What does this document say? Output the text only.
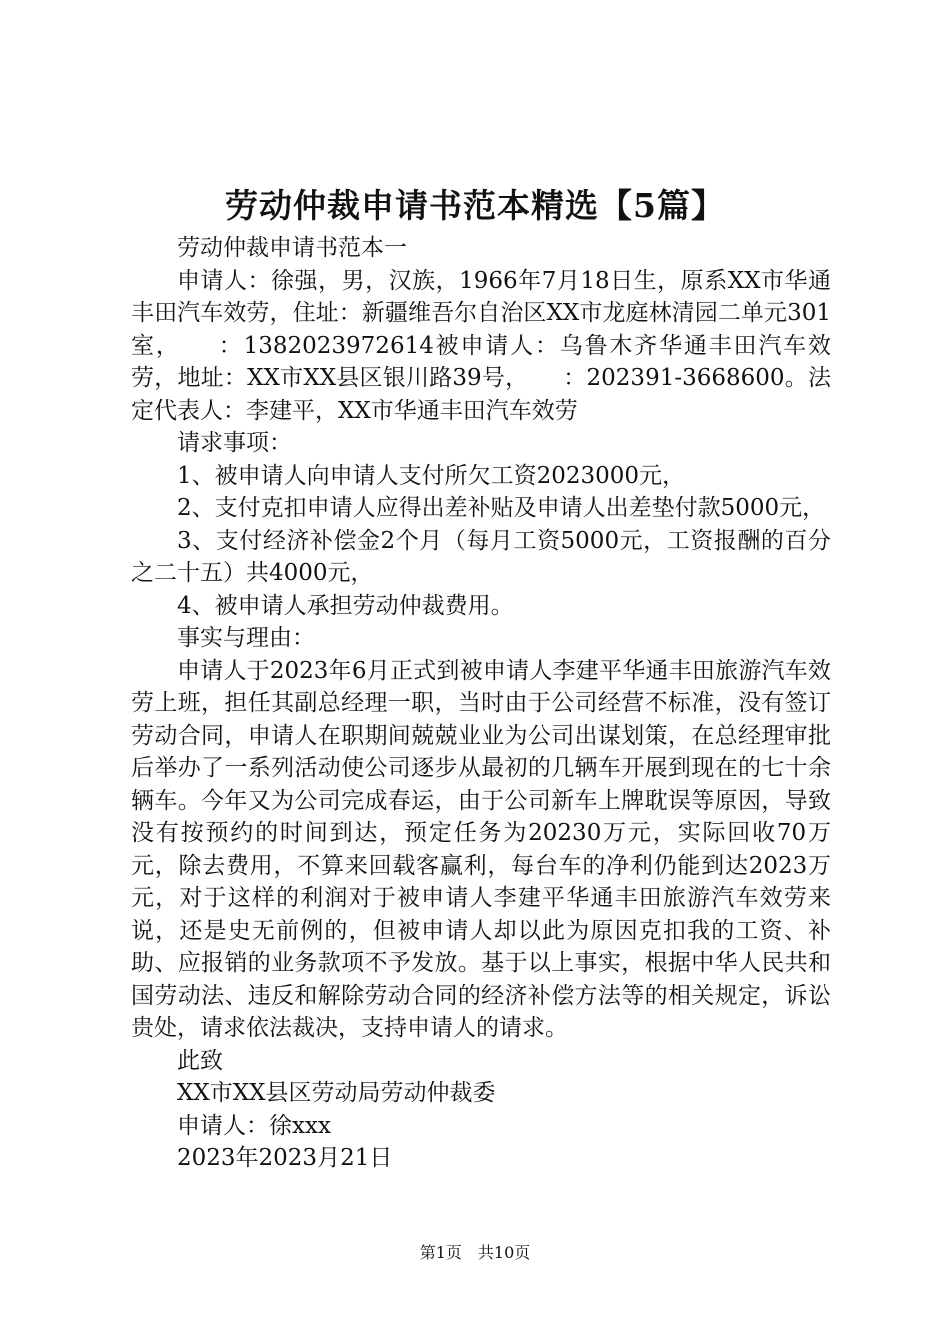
劳动仲裁申请书范本精选【5篇】

劳动仲裁申请书范本一

申请人：徐强，男，汉族，1966年7月18日生，原系XX市华通丰田汽车效劳，住址：新疆维吾尔自治区XX市龙庭林清园二单元301室，　　：1382023972614被申请人：乌鲁木齐华通丰田汽车效劳，地址：XX市XX县区银川路39号，　　：202391-3668600。法定代表人：李建平，XX市华通丰田汽车效劳

请求事项：

1、被申请人向申请人支付所欠工资2023000元，

2、支付克扣申请人应得出差补贴及申请人出差垫付款5000元，

3、支付经济补偿金2个月（每月工资5000元，工资报酬的百分之二十五）共4000元，

4、被申请人承担劳动仲裁费用。

事实与理由：

申请人于2023年6月正式到被申请人李建平华通丰田旅游汽车效劳上班，担任其副总经理一职，当时由于公司经营不标准，没有签订劳动合同，申请人在职期间兢兢业业为公司出谋划策，在总经理审批后举办了一系列活动使公司逐步从最初的几辆车开展到现在的七十余辆车。今年又为公司完成春运，由于公司新车上牌耽误等原因，导致没有按预约的时间到达，预定任务为20230万元，实际回收70万元，除去费用，不算来回载客赢利，每台车的净利仍能到达2023万元，对于这样的利润对于被申请人李建平华通丰田旅游汽车效劳来说，还是史无前例的，但被申请人却以此为原因克扣我的工资、补助、应报销的业务款项不予发放。基于以上事实，根据中华人民共和国劳动法、违反和解除劳动合同的经济补偿方法等的相关规定，诉讼贵处，请求依法裁决，支持申请人的请求。

此致

XX市XX县区劳动局劳动仲裁委

申请人：徐xxx

2023年2023月21日

第1页　共10页
